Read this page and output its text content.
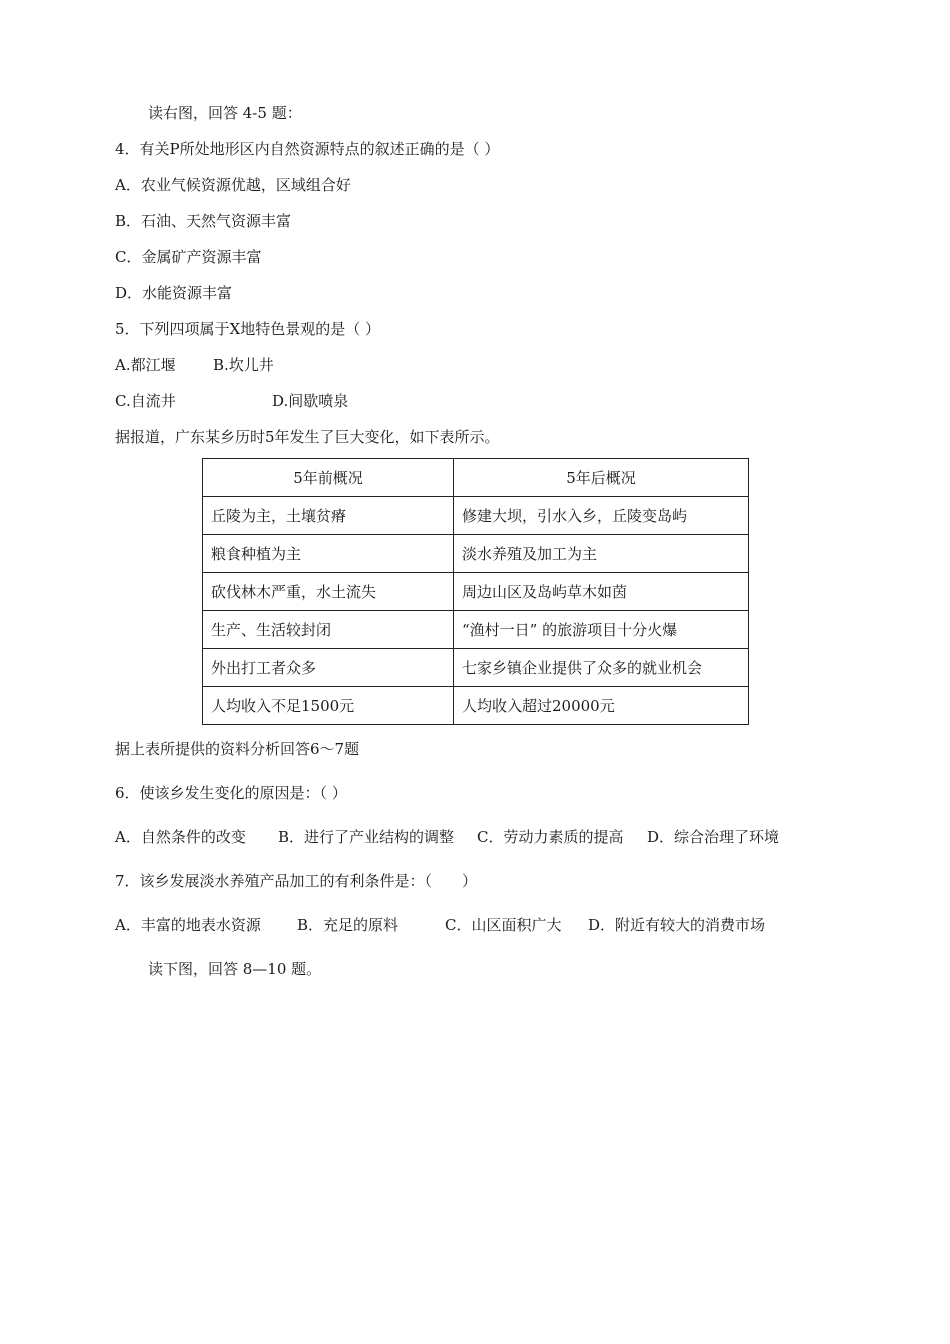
读右图，回答 4-5 题：
4．有关P所处地形区内自然资源特点的叙述正确的是（ ）
A．农业气候资源优越，区域组合好
B．石油、天然气资源丰富
C．金属矿产资源丰富
D．水能资源丰富
5．下列四项属于X地特色景观的是（ ）
A.都江堰 B.坎儿井
C.自流井	D.间歇喷泉
据报道，广东某乡历时5年发生了巨大变化，如下表所示。
5年前概况	5年后概况
丘陵为主，土壤贫瘠	修建大坝，引水入乡，丘陵变岛屿
粮食种植为主	淡水养殖及加工为主
砍伐林木严重，水土流失	周边山区及岛屿草木如茵
生产、生活较封闭	“渔村一日” 的旅游项目十分火爆
外出打工者众多	七家乡镇企业提供了众多的就业机会
人均收入不足1500元	人均收入超过20000元
据上表所提供的资料分析回答6～7题
6．使该乡发生变化的原因是：（ ）
A．自然条件的改变 B．进行了产业结构的调整 C．劳动力素质的提高 D．综合治理了环境
7．该乡发展淡水养殖产品加工的有利条件是：（　　）
A．丰富的地表水资源 B．充足的原料	C．山区面积广大 D．附近有较大的消费市场
读下图，回答 8—10 题。
